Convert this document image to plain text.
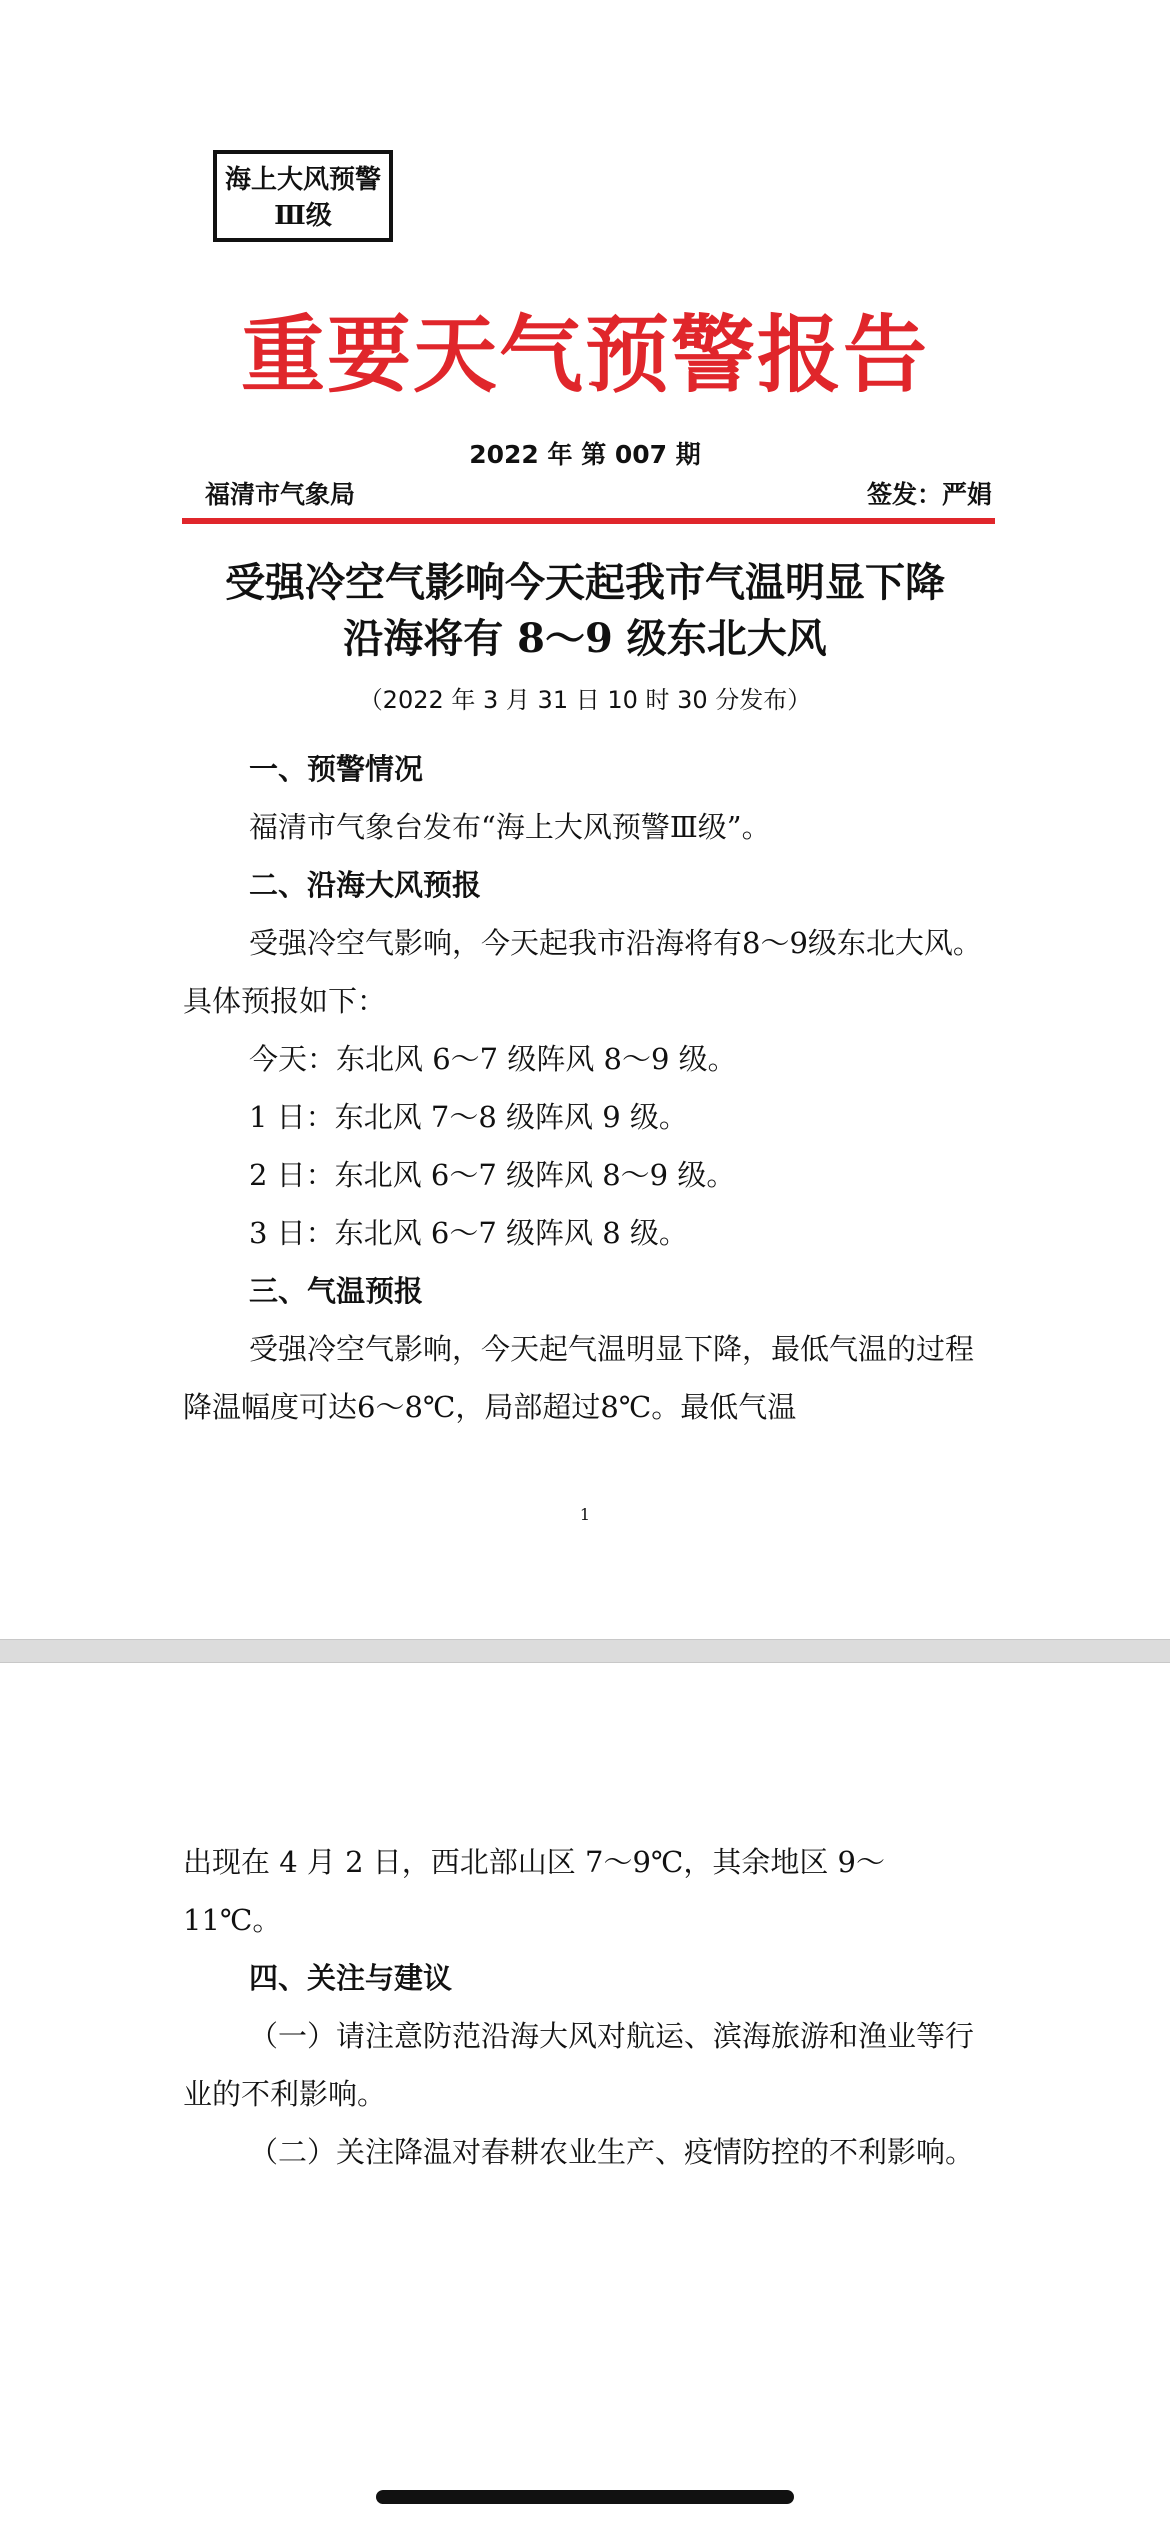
海上大风预警
Ⅲ级
重要天气预警报告
2022 年 第 007 期
福清市气象局	签发：严娟
受强冷空气影响今天起我市气温明显下降
沿海将有 8～9 级东北大风
（2022 年 3 月 31 日 10 时 30 分发布）

一、预警情况

福清市气象台发布“海上大风预警Ⅲ级”。

二、沿海大风预报

受强冷空气影响，今天起我市沿海将有8～9级东北大风。具体预报如下：

今天：东北风 6～7 级阵风 8～9 级。

1 日：东北风 7～8 级阵风 9 级。

2 日：东北风 6～7 级阵风 8～9 级。

3 日：东北风 6～7 级阵风 8 级。

三、气温预报

受强冷空气影响，今天起气温明显下降，最低气温的过程降温幅度可达6～8℃，局部超过8℃。最低气温

1

出现在 4 月 2 日，西北部山区 7～9℃，其余地区 9～11℃。

四、关注与建议

（一）请注意防范沿海大风对航运、滨海旅游和渔业等行业的不利影响。

（二）关注降温对春耕农业生产、疫情防控的不利影响。
